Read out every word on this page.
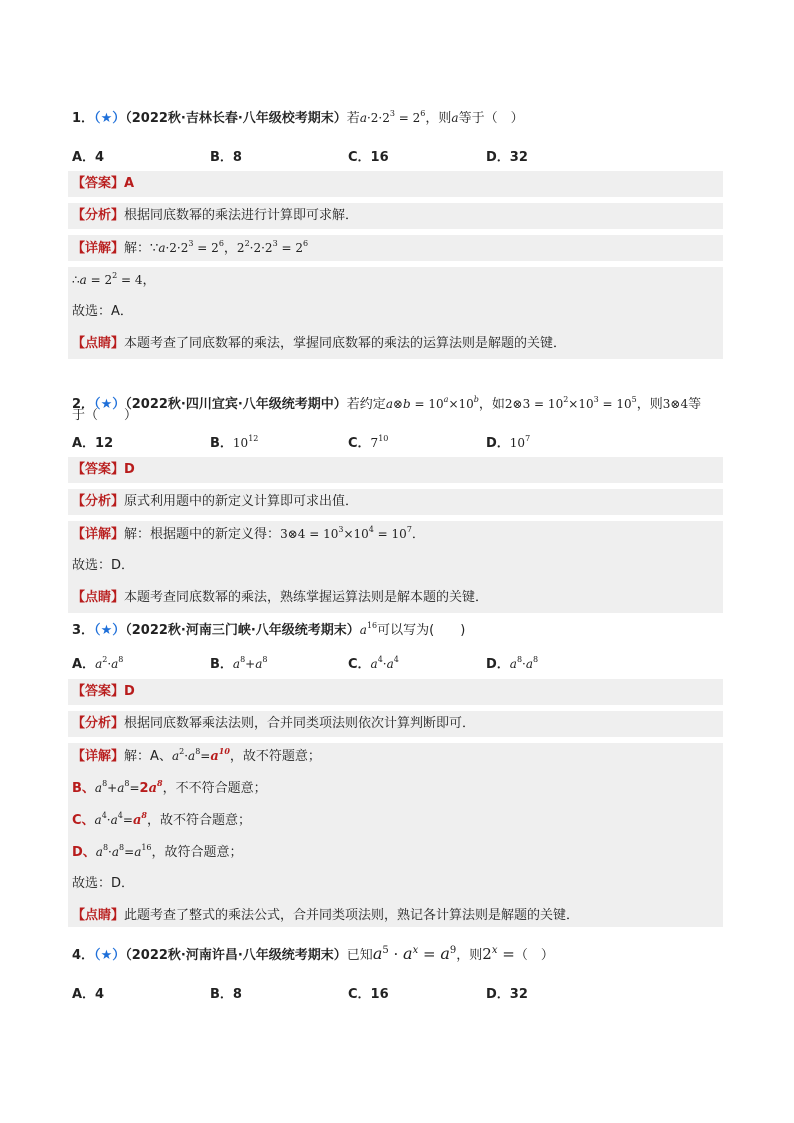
1．（★）（2022秋·吉林长春·八年级校考期末）若$a\cdot 2\cdot 2^3 = 2^6$，则a等于（　）
A．4	B．8	C．16	D．32
【答案】A
【分析】根据同底数幂的乘法进行计算即可求解．
【详解】解：$\because a\cdot 2\cdot 2^3 = 2^6$，$2^2\cdot 2\cdot 2^3 = 2^6$
∴a = $2^2 = 4$，
故选：A．
【点睛】本题考查了同底数幂的乘法，掌握同底数幂的乘法的运算法则是解题的关键．
2．（★）（2022秋·四川宜宾·八年级统考期中）若约定a⊗b = $10^a\times 10^b$，如2⊗3 = $10^2\times 10^3 = 10^5$，则3⊗4等
于（　　）
A．12	B．$10^{12}$	C．$7^{10}$	D．$10^7$
【答案】D
【分析】原式利用题中的新定义计算即可求出值．
【详解】解：根据题中的新定义得：3⊗4 = $10^3\times 10^4 = 10^7$．
故选：D．
【点睛】本题考查同底数幂的乘法，熟练掌握运算法则是解本题的关键．
3．（★）（2022秋·河南三门峡·八年级统考期末）$a^{16}$可以写为(　　)
A．$a^2\cdot a^8$	B．$a^8+a^8$	C．$a^4\cdot a^4$	D．$a^8\cdot a^8$
【答案】D
【分析】根据同底数幂乘法法则，合并同类项法则依次计算判断即可．
【详解】解：A、$a^2\cdot a^8=a^{10}$，故不符题意；
B、$a^8+a^8=2a^8$，不不符合题意；
C、$a^4\cdot a^4=a^8$，故不符合题意；
D、$a^8\cdot a^8=a^{16}$，故符合题意；
故选：D．
【点睛】此题考查了整式的乘法公式，合并同类项法则，熟记各计算法则是解题的关键．
4．（★）（2022秋·河南许昌·八年级统考期末）已知$a^5 \cdot a^x = a^9$，则$2^x$ =（　）
A．4	B．8	C．16	D．32
